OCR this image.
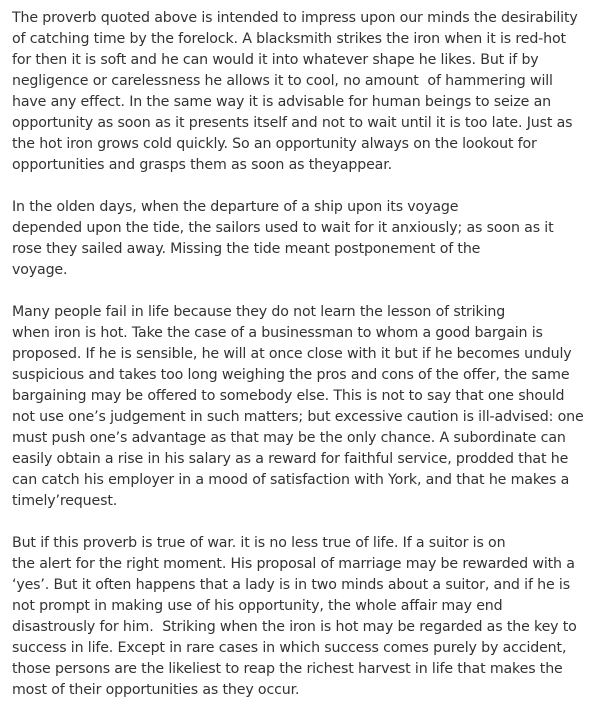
The proverb quoted above is intended to impress upon our minds the desirability
of catching time by the forelock. A blacksmith strikes the iron when it is red-hot
for then it is soft and he can would it into whatever shape he likes. But if by
negligence or carelessness he allows it to cool, no amount  of hammering will
have any effect. In the same way it is advisable for human beings to seize an
opportunity as soon as it presents itself and not to wait until it is too late. Just as
the hot iron grows cold quickly. So an opportunity always on the lookout for
opportunities and grasps them as soon as theyappear.

In the olden days, when the departure of a ship upon its voyage
depended upon the tide, the sailors used to wait for it anxiously; as soon as it
rose they sailed away. Missing the tide meant postponement of the
voyage.

Many people fail in life because they do not learn the lesson of striking
when iron is hot. Take the case of a businessman to whom a good bargain is
proposed. If he is sensible, he will at once close with it but if he becomes unduly
suspicious and takes too long weighing the pros and cons of the offer, the same
bargaining may be offered to somebody else. This is not to say that one should
not use one’s judgement in such matters; but excessive caution is ill-advised: one
must push one’s advantage as that may be the only chance. A subordinate can
easily obtain a rise in his salary as a reward for faithful service, prodded that he
can catch his employer in a mood of satisfaction with York, and that he makes a
timely’request.

But if this proverb is true of war. it is no less true of life. If a suitor is on
the alert for the right moment. His proposal of marriage may be rewarded with a
‘yes’. But it often happens that a lady is in two minds about a suitor, and if he is
not prompt in making use of his opportunity, the whole affair may end
disastrously for him.  Striking when the iron is hot may be regarded as the key to
success in life. Except in rare cases in which success comes purely by accident,
those persons are the likeliest to reap the richest harvest in life that makes the
most of their opportunities as they occur.
